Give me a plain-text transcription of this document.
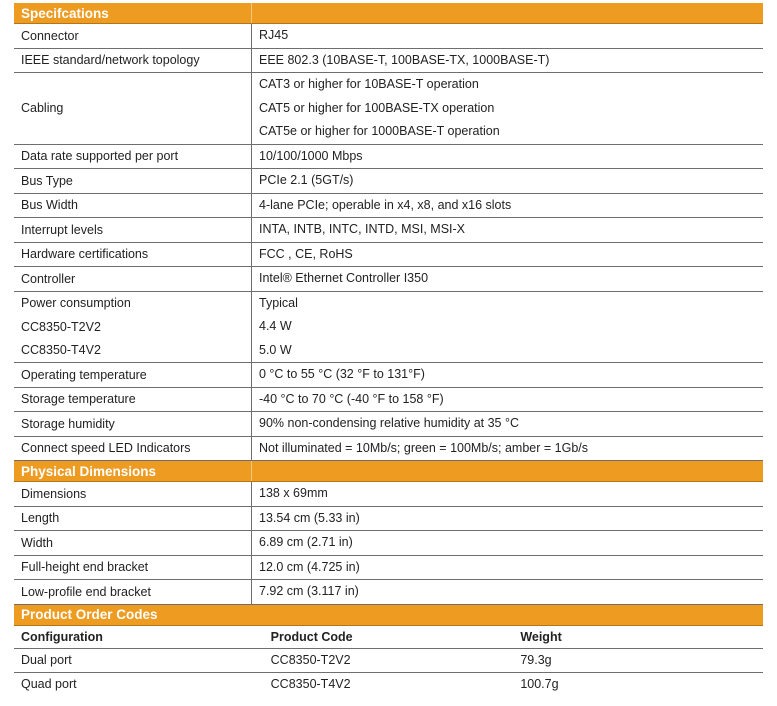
Specifcations	
Connector	RJ45

IEEE standard/network topology	EEE 802.3 (10BASE-T, 100BASE-TX, 1000BASE-T)

Cabling	CAT3 or higher for 10BASE-T operation
CAT5 or higher for 100BASE-TX operation
CAT5e or higher for 1000BASE-T operation

Data rate supported per port	10/100/1000 Mbps

Bus Type	PCIe 2.1 (5GT/s)

Bus Width	4-lane PCIe; operable in x4, x8, and x16 slots

Interrupt levels	INTA, INTB, INTC, INTD, MSI, MSI-X

Hardware certifications	FCC , CE, RoHS

Controller	Intel® Ethernet Controller I350

Power consumption	Typical

CC8350-T2V2	4.4 W

CC8350-T4V2	5.0 W

Operating temperature	0 °C to 55 °C (32 °F to 131°F)

Storage temperature	-40 °C to 70 °C (-40 °F to 158 °F)

Storage humidity	90% non-condensing relative humidity at 35 °C

Connect speed LED Indicators	Not illuminated = 10Mb/s; green = 100Mb/s; amber = 1Gb/s

Physical Dimensions	
Dimensions	138 x 69mm

Length	13.54 cm (5.33 in)

Width	6.89 cm (2.71 in)

Full-height end bracket	12.0 cm (4.725 in)

Low-profile end bracket	7.92 cm (3.117 in)
Product Order Codes		
Configuration	Product Code	Weight

Dual port	CC8350-T2V2	79.3g

Quad port	CC8350-T4V2	100.7g
